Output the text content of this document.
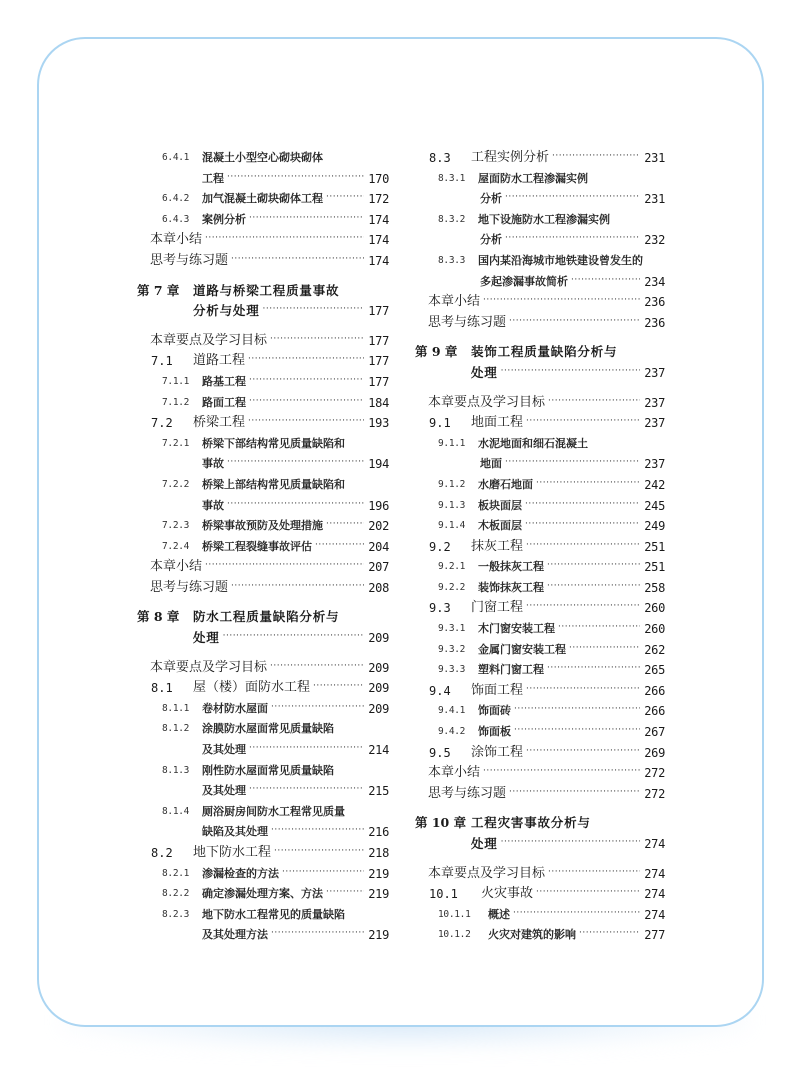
6.4.1	混凝土小型空心砌块砌体
工程 ·····	170
6.4.2	加气混凝土砌块砌体工程 ·····	172
6.4.3	案例分析 ·····	174
本章小结 ·····	174
思考与练习题 ·····	174
第 7 章	道路与桥梁工程质量事故
分析与处理 ·····	177
本章要点及学习目标 ·····	177
7.1	道路工程 ·····	177
7.1.1	路基工程 ·····	177
7.1.2	路面工程 ·····	184
7.2	桥梁工程 ·····	193
7.2.1	桥梁下部结构常见质量缺陷和
事故 ·····	194
7.2.2	桥梁上部结构常见质量缺陷和
事故 ·····	196
7.2.3	桥梁事故预防及处理措施 ·····	202
7.2.4	桥梁工程裂缝事故评估 ·····	204
本章小结 ·····	207
思考与练习题 ·····	208
第 8 章	防水工程质量缺陷分析与
处理 ·····	209
本章要点及学习目标 ·····	209
8.1	屋（楼）面防水工程 ·····	209
8.1.1	卷材防水屋面 ·····	209
8.1.2	涂膜防水屋面常见质量缺陷
及其处理 ·····	214
8.1.3	刚性防水屋面常见质量缺陷
及其处理 ·····	215
8.1.4	厕浴厨房间防水工程常见质量
缺陷及其处理 ·····	216
8.2	地下防水工程 ·····	218
8.2.1	渗漏检查的方法 ·····	219
8.2.2	确定渗漏处理方案、方法 ·····	219
8.2.3	地下防水工程常见的质量缺陷
及其处理方法 ·····	219
8.3	工程实例分析 ·····	231
8.3.1	屋面防水工程渗漏实例
分析 ·····	231
8.3.2	地下设施防水工程渗漏实例
分析 ·····	232
8.3.3	国内某沿海城市地铁建设曾发生的
多起渗漏事故简析 ·····	234
本章小结 ·····	236
思考与练习题 ·····	236
第 9 章	装饰工程质量缺陷分析与
处理 ·····	237
本章要点及学习目标 ·····	237
9.1	地面工程 ·····	237
9.1.1	水泥地面和细石混凝土
地面 ·····	237
9.1.2	水磨石地面 ·····	242
9.1.3	板块面层 ·····	245
9.1.4	木板面层 ·····	249
9.2	抹灰工程 ·····	251
9.2.1	一般抹灰工程 ·····	251
9.2.2	装饰抹灰工程 ·····	258
9.3	门窗工程 ·····	260
9.3.1	木门窗安装工程 ·····	260
9.3.2	金属门窗安装工程 ·····	262
9.3.3	塑料门窗工程 ·····	265
9.4	饰面工程 ·····	266
9.4.1	饰面砖 ·····	266
9.4.2	饰面板 ·····	267
9.5	涂饰工程 ·····	269
本章小结 ·····	272
思考与练习题 ·····	272
第 10 章 工程灾害事故分析与
处理 ·····	274
本章要点及学习目标 ·····	274
10.1	火灾事故 ·····	274
10.1.1	概述 ·····	274
10.1.2	火灾对建筑的影响 ·····	277
